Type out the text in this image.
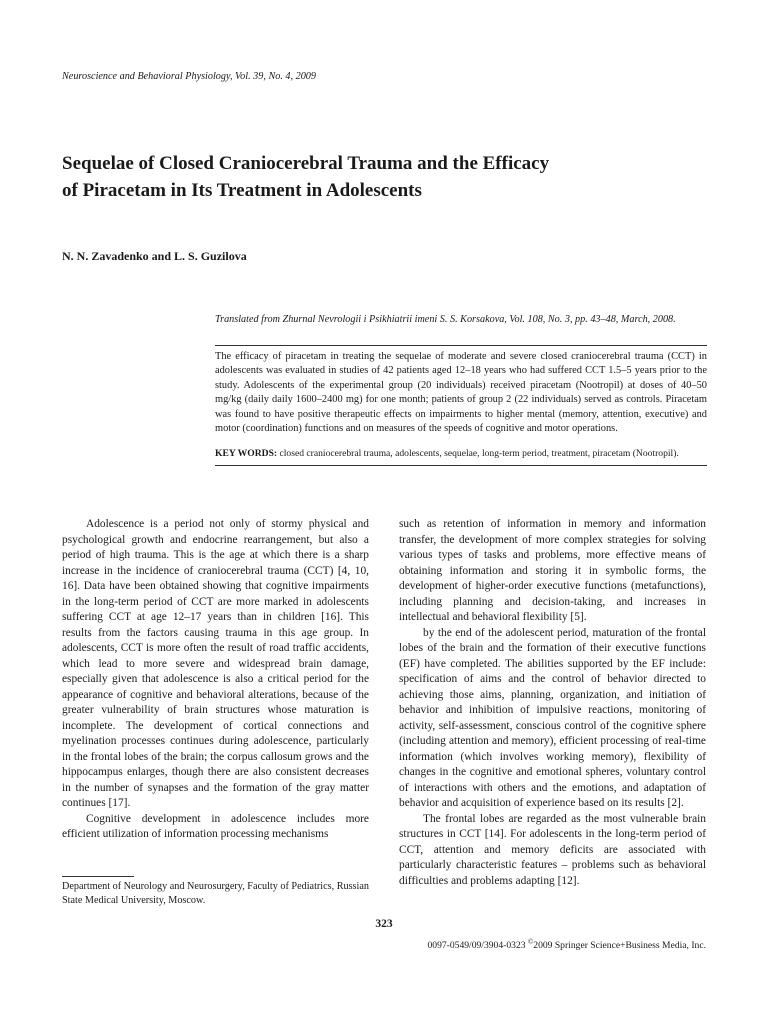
Neuroscience and Behavioral Physiology, Vol. 39, No. 4, 2009
Sequelae of Closed Craniocerebral Trauma and the Efficacy
of Piracetam in Its Treatment in Adolescents
N. N. Zavadenko and L. S. Guzilova
Translated from Zhurnal Nevrologii i Psikhiatrii imeni S. S. Korsakova, Vol. 108, No. 3, pp. 43–48, March, 2008.

The efficacy of piracetam in treating the sequelae of moderate and severe closed craniocerebral trauma (CCT) in adolescents was evaluated in studies of 42 patients aged 12–18 years who had suffered CCT 1.5–5 years prior to the study. Adolescents of the experimental group (20 individuals) received piracetam (Nootropil) at doses of 40–50 mg/kg (daily daily 1600–2400 mg) for one month; patients of group 2 (22 individuals) served as controls. Piracetam was found to have positive therapeutic effects on impairments to higher mental (memory, attention, executive) and motor (coordination) functions and on measures of the speeds of cognitive and motor operations.

KEY WORDS: closed craniocerebral trauma, adolescents, sequelae, long-term period, treatment, piracetam (Nootropil).

Adolescence is a period not only of stormy physical and psychological growth and endocrine rearrangement, but also a period of high trauma. This is the age at which there is a sharp increase in the incidence of craniocerebral trauma (CCT) [4, 10, 16]. Data have been obtained showing that cognitive impairments in the long-term period of CCT are more marked in adolescents suffering CCT at age 12–17 years than in children [16]. This results from the factors causing trauma in this age group. In adolescents, CCT is more often the result of road traffic accidents, which lead to more severe and widespread brain damage, especially given that adolescence is also a critical period for the appearance of cognitive and behavioral alterations, because of the greater vulnerability of brain structures whose maturation is incomplete. The development of cortical connections and myelination processes continues during adolescence, particularly in the frontal lobes of the brain; the corpus callosum grows and the hippocampus enlarges, though there are also consistent decreases in the number of synapses and the formation of the gray matter continues [17].

Cognitive development in adolescence includes more efficient utilization of information processing mechanisms

such as retention of information in memory and information transfer, the development of more complex strategies for solving various types of tasks and problems, more effective means of obtaining information and storing it in symbolic forms, the development of higher-order executive functions (metafunctions), including planning and decision-taking, and increases in intellectual and behavioral flexibility [5].

by the end of the adolescent period, maturation of the frontal lobes of the brain and the formation of their executive functions (EF) have completed. The abilities supported by the EF include: specification of aims and the control of behavior directed to achieving those aims, planning, organization, and initiation of behavior and inhibition of impulsive reactions, monitoring of activity, self-assessment, conscious control of the cognitive sphere (including attention and memory), efficient processing of real-time information (which involves working memory), flexibility of changes in the cognitive and emotional spheres, voluntary control of interactions with others and the emotions, and adaptation of behavior and acquisition of experience based on its results [2].

The frontal lobes are regarded as the most vulnerable brain structures in CCT [14]. For adolescents in the long-term period of CCT, attention and memory deficits are associated with particularly characteristic features – problems such as behavioral difficulties and problems adapting [12].

Department of Neurology and Neurosurgery, Faculty of Pediatrics, Russian State Medical University, Moscow.
323
0097-0549/09/3904-0323 ©2009 Springer Science+Business Media, Inc.
